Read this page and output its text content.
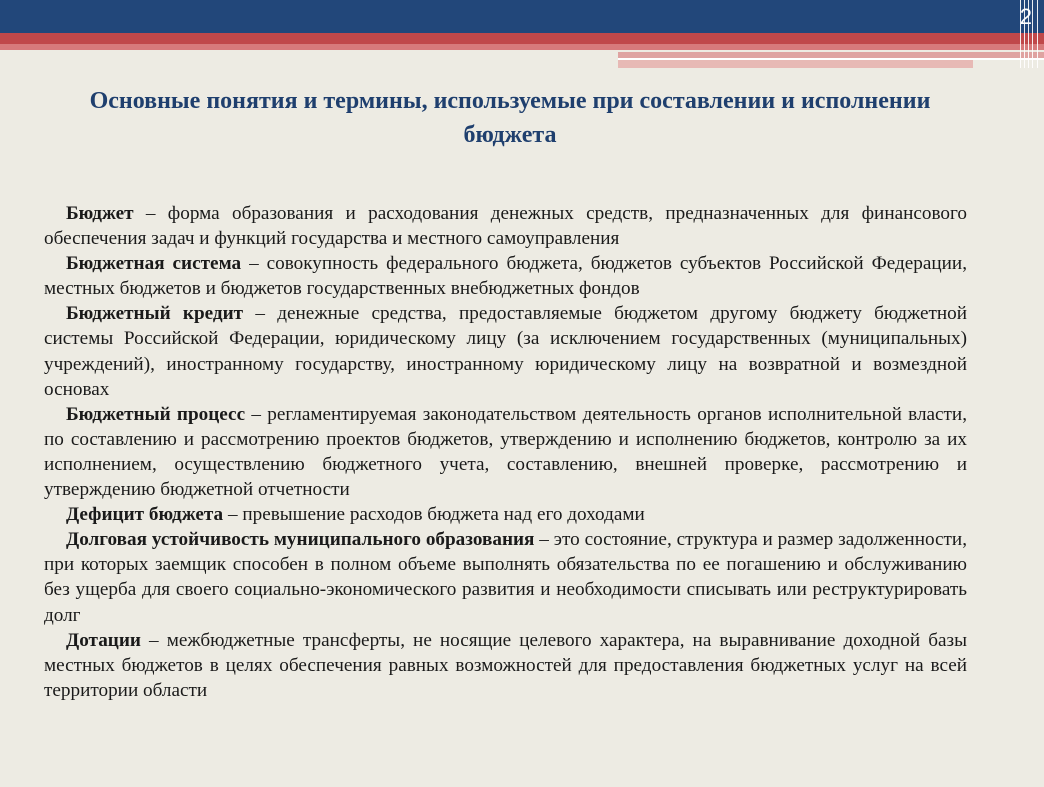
2
Основные понятия и термины, используемые при составлении и исполнении бюджета

Бюджет – форма образования и расходования денежных средств, предназначенных для финансового обеспечения задач и функций государства и местного самоуправления

Бюджетная система – совокупность федерального бюджета, бюджетов субъектов Российской Федерации, местных бюджетов и бюджетов государственных внебюджетных фондов

Бюджетный кредит – денежные средства, предоставляемые бюджетом другому бюджету бюджетной системы Российской Федерации, юридическому лицу (за исключением государственных (муниципальных) учреждений), иностранному государству, иностранному юридическому лицу на возвратной и возмездной основах

Бюджетный процесс – регламентируемая законодательством деятельность органов исполнительной власти, по составлению и рассмотрению проектов бюджетов, утверждению и исполнению бюджетов, контролю за их исполнением, осуществлению бюджетного учета, составлению, внешней проверке, рассмотрению и утверждению бюджетной отчетности

Дефицит бюджета – превышение расходов бюджета над его доходами

Долговая устойчивость муниципального образования – это состояние, структура и размер задолженности, при которых заемщик способен в полном объеме выполнять обязательства по ее погашению и обслуживанию без ущерба для своего социально-экономического развития и необходимости списывать или реструктурировать долг

Дотации – межбюджетные трансферты, не носящие целевого характера, на выравнивание доходной базы местных бюджетов в целях обеспечения равных возможностей для предоставления бюджетных услуг на всей территории области
